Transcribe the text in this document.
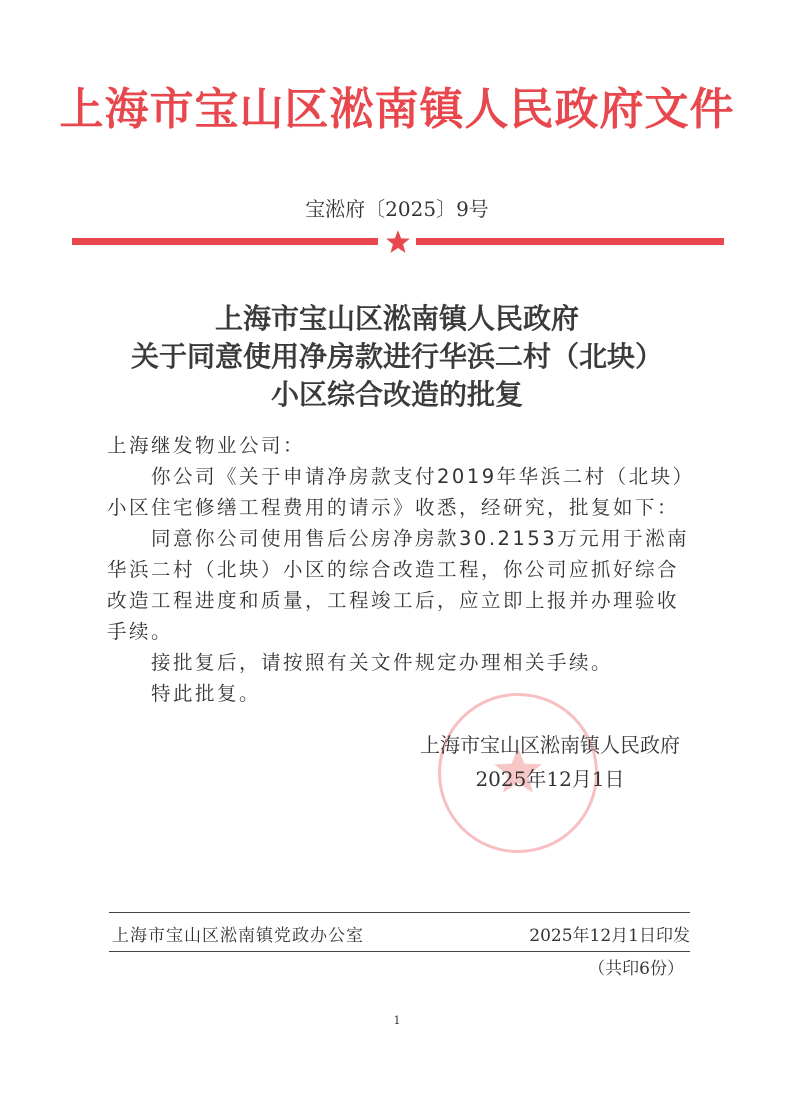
上海市宝山区淞南镇人民政府文件
宝淞府〔2025〕9号
上海市宝山区淞南镇人民政府
关于同意使用净房款进行华浜二村（北块）
小区综合改造的批复

上海继发物业公司：

你公司《关于申请净房款支付2019年华浜二村（北块）小区住宅修缮工程费用的请示》收悉，经研究，批复如下：

同意你公司使用售后公房净房款30.2153万元用于淞南华浜二村（北块）小区的综合改造工程，你公司应抓好综合改造工程进度和质量，工程竣工后，应立即上报并办理验收手续。

接批复后，请按照有关文件规定办理相关手续。

特此批复。

上海市宝山区淞南镇人民政府
2025年12月1日
上海市宝山区淞南镇党政办公室	2025年12月1日印发
（共印6份）
1
